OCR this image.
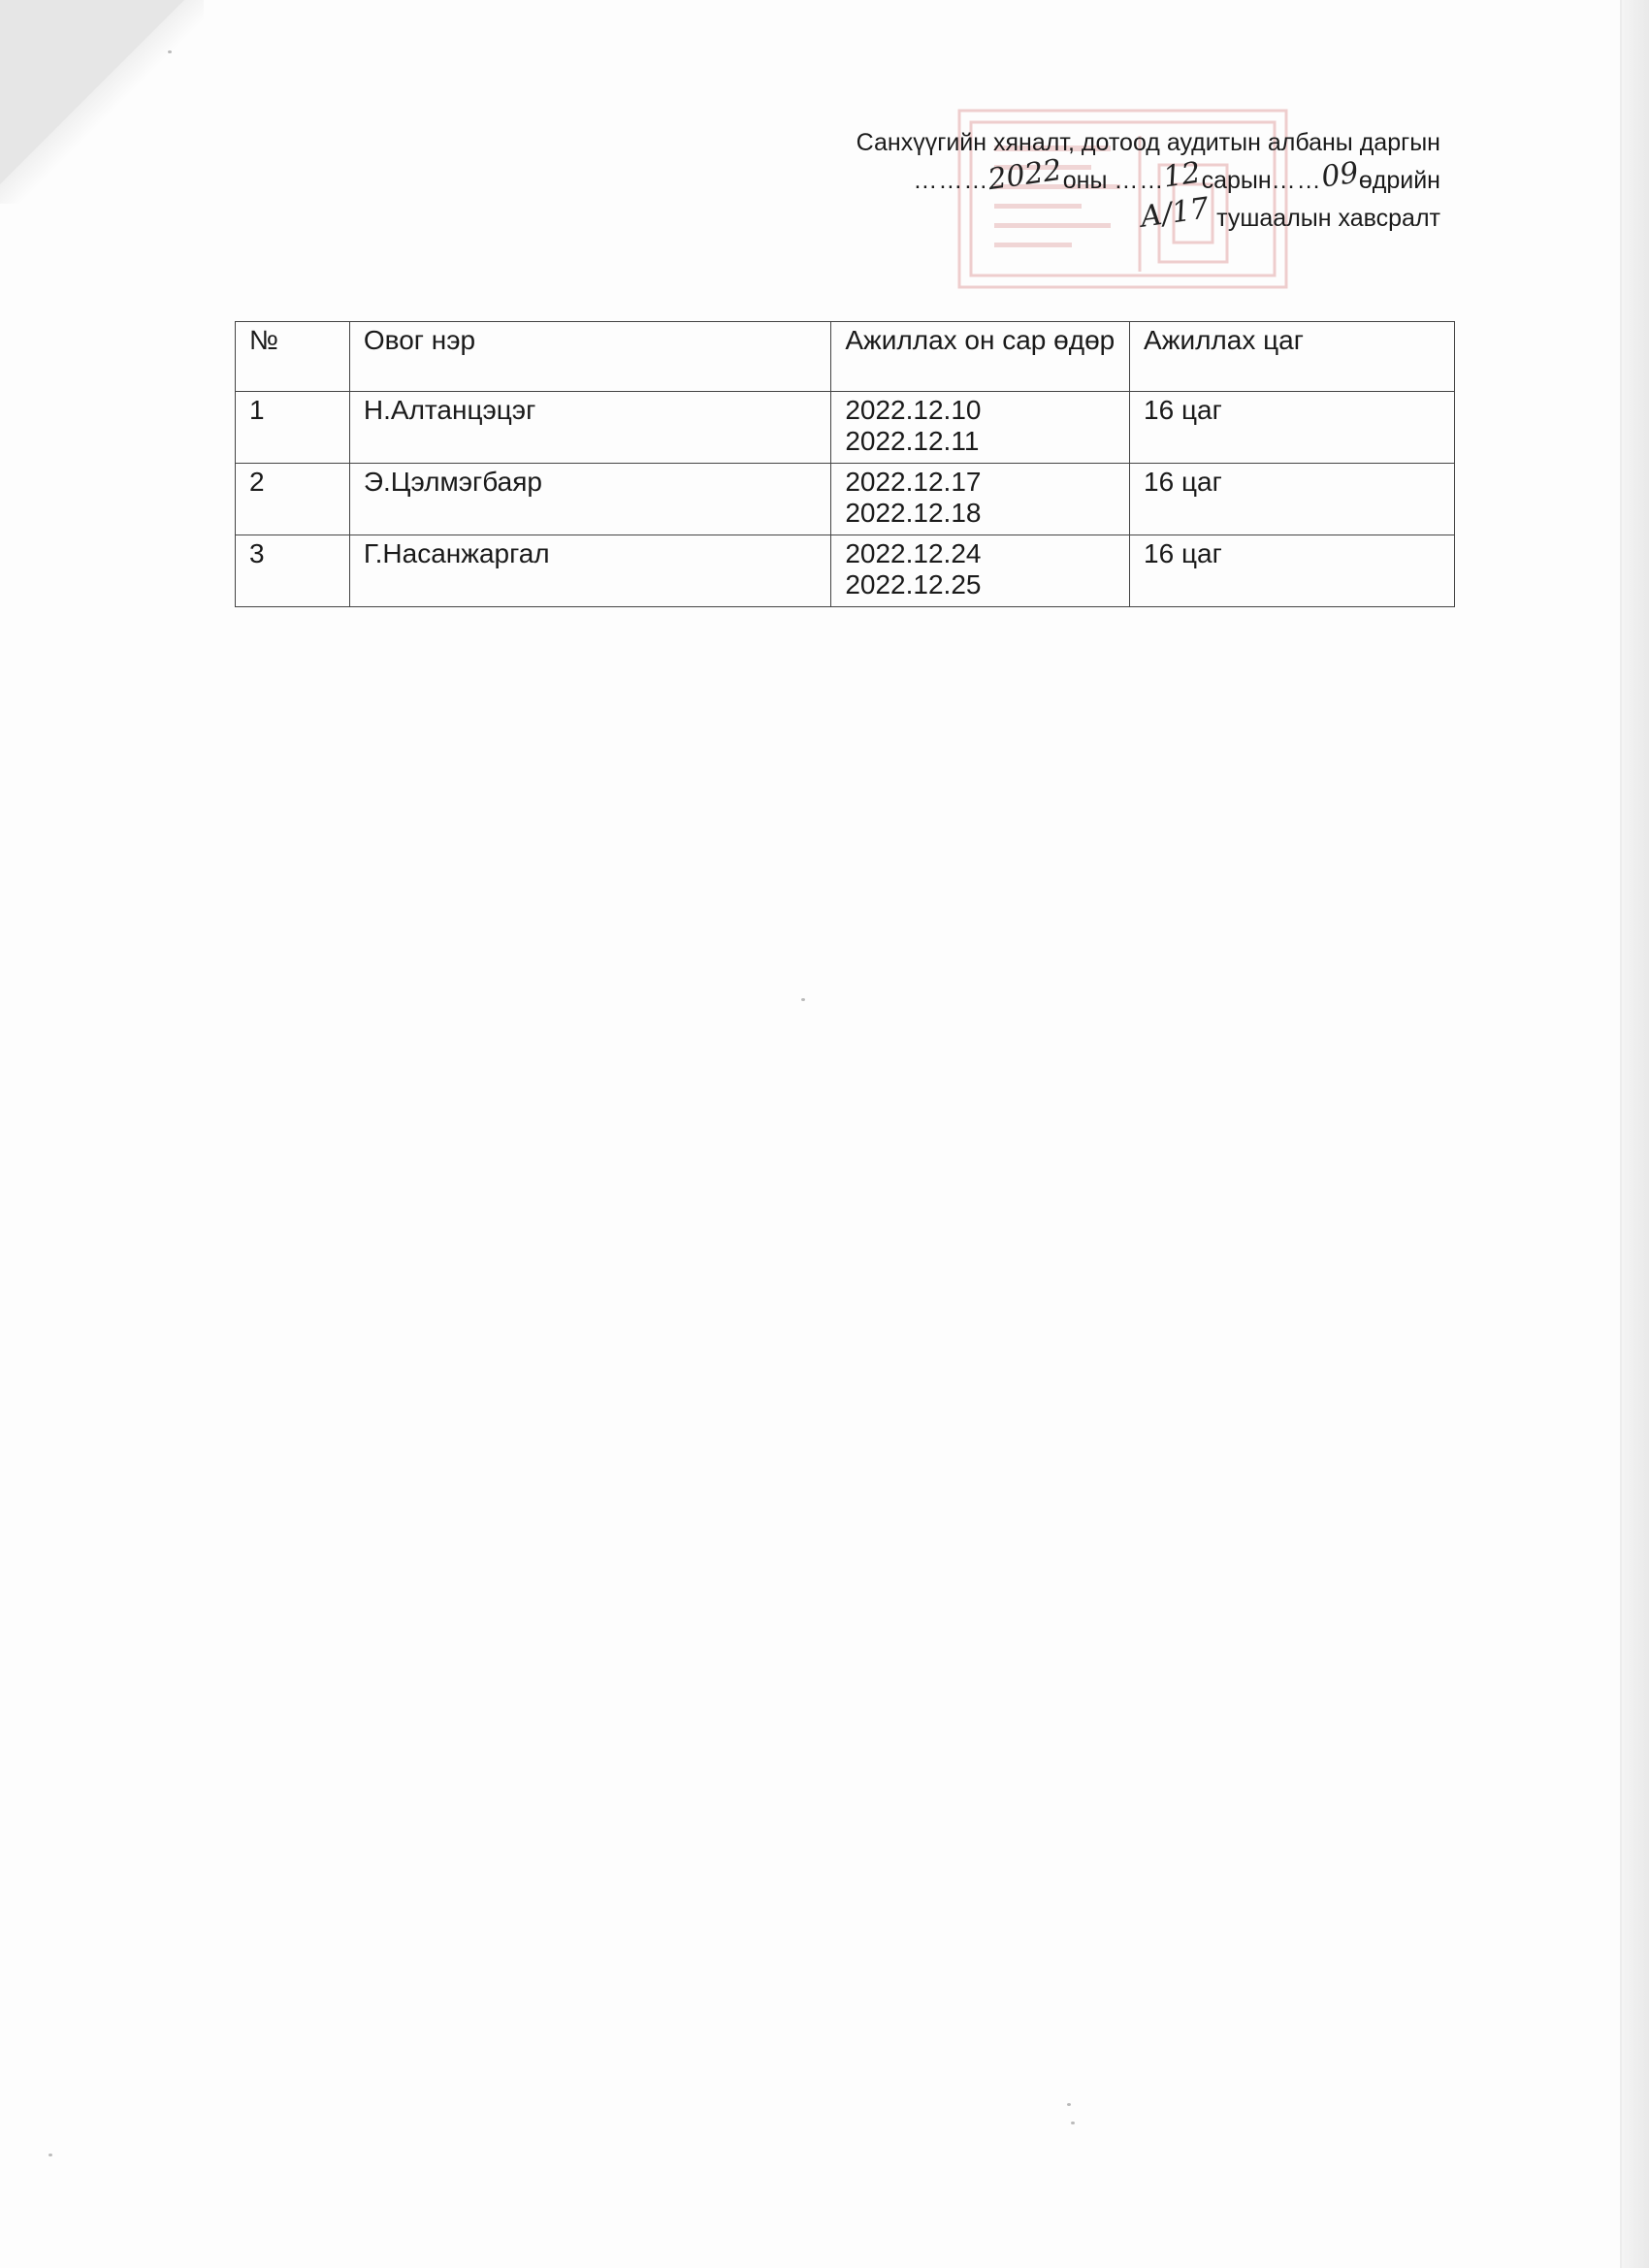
Санхүүгийн хяналт, дотоод аудитын албаны даргын
………2022оны ……12сарын……09өдрийн
А/17 тушаалын хавсралт
№	Овог нэр	Ажиллах он сар өдөр	Ажиллах цаг
1	Н.Алтанцэцэг	2022.12.10
2022.12.11	16 цаг
2	Э.Цэлмэгбаяр	2022.12.17
2022.12.18	16 цаг
3	Г.Насанжаргал	2022.12.24
2022.12.25	16 цаг
